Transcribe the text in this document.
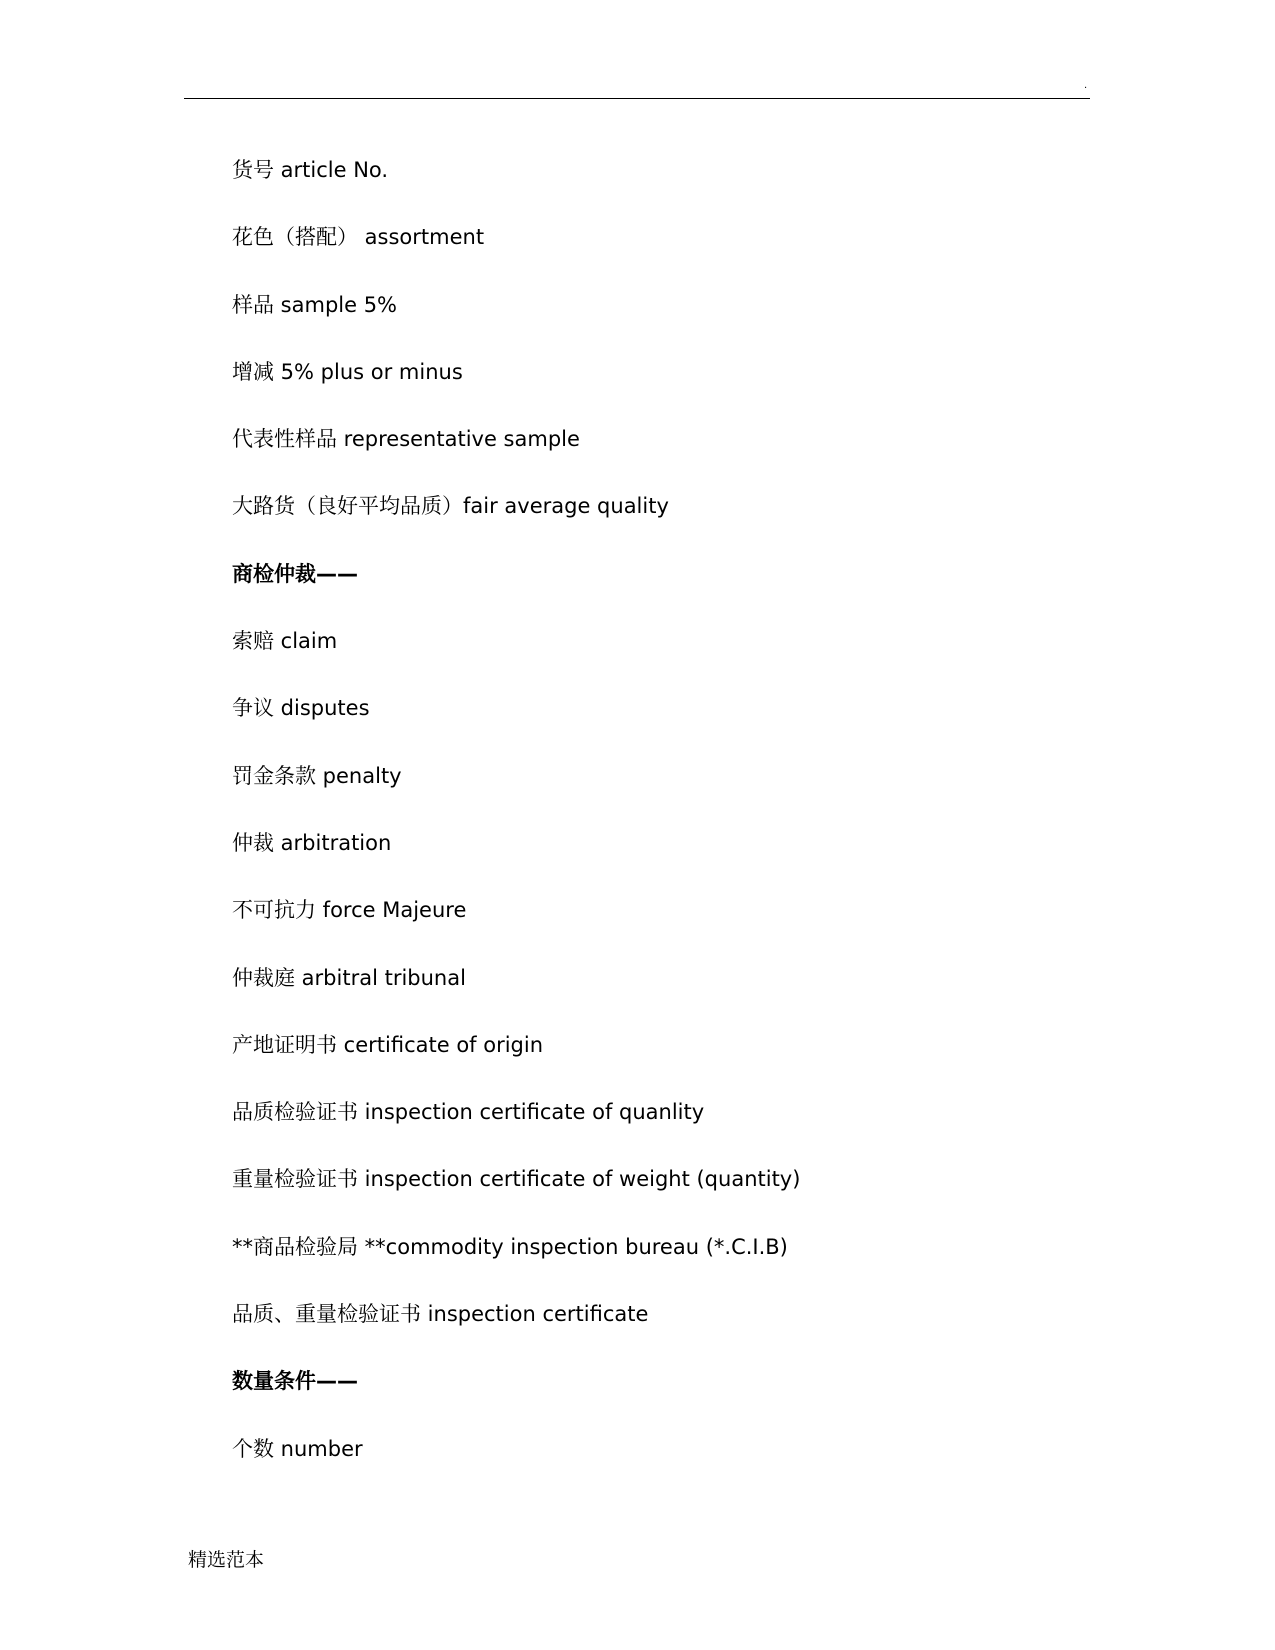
.
货号 article No.
花色（搭配） assortment
样品 sample 5%
增减 5% plus or minus
代表性样品 representative sample
大路货（良好平均品质）fair average quality
商检仲裁——
索赔 claim
争议 disputes
罚金条款 penalty
仲裁 arbitration
不可抗力 force Majeure
仲裁庭 arbitral tribunal
产地证明书 certificate of origin
品质检验证书 inspection certificate of quanlity
重量检验证书 inspection certificate of weight (quantity)
**商品检验局 **commodity inspection bureau (*.C.I.B)
品质、重量检验证书 inspection certificate
数量条件——
个数 number
精选范本
